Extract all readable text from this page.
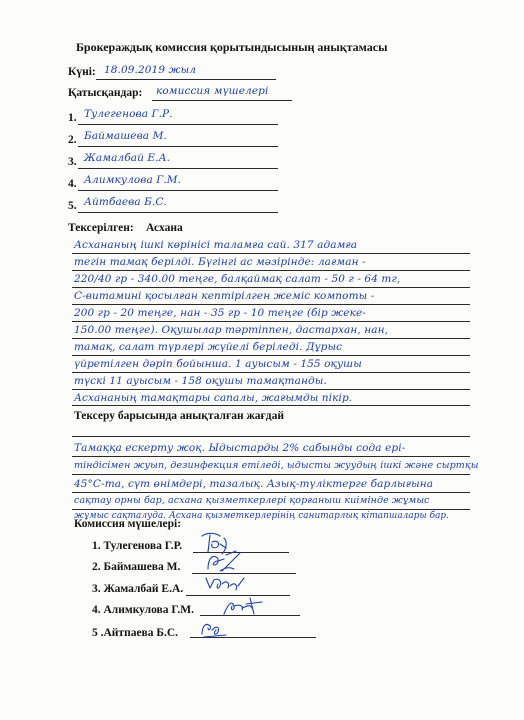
Брокераждық комиссия қорытындысының анықтамасы
Күні: 18.09.2019 жыл
Қатысқандар: комиссия мүшелері
1. Тулегенова Г.Р.
2. Баймашева М.
3. Жамалбай Е.А.
4. Алимкулова Г.М.
5. Айтбаева Б.С.
Тексерілген: Асхана
Асхананың ішкі көрінісі таламға сай. 317 адамға
тегін тамақ берілді. Бүгінгі ас мәзірінде: лағман -
220/40 гр - 340.00 теңге, балқаймақ салат - 50 г - 64 тг,
С-витамині қосылған кептірілген жеміс компоты -
200 гр - 20 теңге, нан - 35 гр - 10 теңге (бір жеке-
150.00 теңге). Оқушылар тәртіппен, дастархан, нан,
тамақ, салат түрлері жүйелі беріледі. Дұрыс
үйретілген дәріп бойынша. 1 ауысым - 155 оқушы
түскі 11 ауысым - 158 оқушы тамақтанды.
Асхананың тамақтары сапалы, жағымды пікір.
Тексеру барысында анықталған жағдай
Тамаққа ескерту жоқ. Ыдыстарды 2% сабынды сода ері-
тіндісімен жуып, дезинфекция етіледі, ыдысты жуудың ішкі және сыртқы
45°С-та, сүт өнімдері, тазалық. Азық-түліктерге барлығына
сақтау орны бар, асхана қызметкерлері қорғаныш киімінде жұмыс
жұмыс сақталуда. Асхана қызметкерлерінің санитарлық кітапшалары бар.
Комиссия мүшелері:
1. Тулегенова Г.Р.
2. Баймашева М.
3. Жамалбай Е.А.
4. Алимкулова Г.М.
5 .Айтпаева Б.С.
